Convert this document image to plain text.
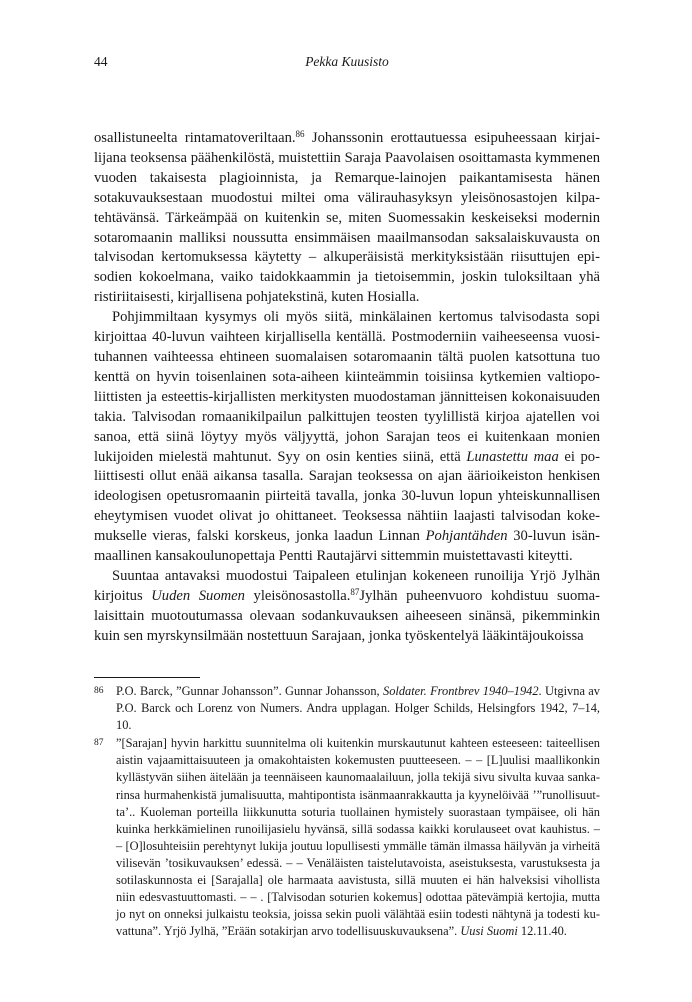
44	Pekka Kuusisto

osallistuneelta rintamatoveriltaan.$^{86}$ Johanssonin erottautuessa esipuheessaan kirjailijana teoksensa päähenkilöstä, muistettiin Saraja Paavolaisen osoittamasta kymmenen vuoden takaisesta plagioinnista, ja Remarque-lainojen paikantamisesta hänen sotakuvauksestaan muodostui miltei oma välirauhasyksyn yleisönosastojen kilpatehtävänsä. Tärkeämpää on kuitenkin se, miten Suomessakin keskeiseksi modernin sotaromaanin malliksi noussutta ensimmäisen maailmansodan saksalaiskuvausta on talvisodan kertomuksessa käytetty – alkuperäisistä merkityksistään riisuttujen episodien kokoelmana, vaiko taidokkaammin ja tietoisemmin, joskin tuloksiltaan yhä ristiriitaisesti, kirjallisena pohjatekstinä, kuten Hosialla.

Pohjimmiltaan kysymys oli myös siitä, minkälainen kertomus talvisodasta sopi kirjoittaa 40-luvun vaihteen kirjallisella kentällä. Postmoderniin vaiheeseensa vuosituhannen vaihteessa ehtineen suomalaisen sotaromaanin tältä puolen katsottuna tuo kenttä on hyvin toisenlainen sota-aiheen kiinteämmin toisiinsa kytkemien valtiopoliittisten ja esteettis-kirjallisten merkitysten muodostaman jännitteisen kokonaisuuden takia. Talvisodan romaanikilpailun palkittujen teosten tyylillistä kirjoa ajatellen voi sanoa, että siinä löytyy myös väljyyttä, johon Sarajan teos ei kuitenkaan monien lukijoiden mielestä mahtunut. Syy on osin kenties siinä, että Lunastettu maa ei poliittisesti ollut enää aikansa tasalla. Sarajan teoksessa on ajan äärioikeiston henkisen ideologisen opetusromaanin piirteitä tavalla, jonka 30-luvun lopun yhteiskunnallisen eheytymisen vuodet olivat jo ohittaneet. Teoksessa nähtiin laajasti talvisodan kokemukselle vieras, falski korskeus, jonka laadun Linnan Pohjantähden 30-luvun isänmaallinen kansakoulunopettaja Pentti Rautajärvi sittemmin muistettavasti kiteytti.

Suuntaa antavaksi muodostui Taipaleen etulinjan kokeneen runoilija Yrjö Jylhän kirjoitus Uuden Suomen yleisönosastolla.$^{87}$Jylhän puheenvuoro kohdistuu suomalaisittain muotoutumassa olevaan sodankuvauksen aiheeseen sinänsä, pikemminkin kuin sen myrskynsilmään nostettuun Sarajaan, jonka työskentelyä lääkintäjoukoissa

86 P.O. Barck, ”Gunnar Johansson”. Gunnar Johansson, Soldater. Frontbrev 1940–1942. Utgivna av P.O. Barck och Lorenz von Numers. Andra upplagan. Holger Schilds, Helsingfors 1942, 7–14, 10.
87 ”[Sarajan] hyvin harkittu suunnitelma oli kuitenkin murskautunut kahteen esteeseen: taiteellisen aistin vajaamittaisuuteen ja omakohtaisten kokemusten puutteeseen. – – [L]uulisi maallikonkin kyllästyvän siihen äitelään ja teennäiseen kaunomaalailuun, jolla tekijä sivu sivulta kuvaa sankarinsa hurmahenkistä jumalisuutta, mahtipontista isänmaanrakkautta ja kyynelöivää ’”runollisuutta’.. Kuoleman porteilla liikkunutta soturia tuollainen hymistely suorastaan tympäisee, oli hän kuinka herkkämielinen runoilijasielu hyvänsä, sillä sodassa kaikki korulauseet ovat kauhistus. – – [O]losuhteisiin perehtynyt lukija joutuu lopullisesti ymmälle tämän ilmassa häilyvän ja virheitä vilisevän ’tosikuvauksen’ edessä. – – Venäläisten taistelutavoista, aseistuksesta, varustuksesta ja sotilaskunnosta ei [Sarajalla] ole harmaata aavistusta, sillä muuten ei hän halveksisi vihollista niin edesvastuuttomasti. – – . [Talvisodan soturien kokemus] odottaa pätevämpiä kertojia, mutta jo nyt on onneksi julkaistu teoksia, joissa sekin puoli välähtää esiin todesti nähtynä ja todesti kuvattuna”. Yrjö Jylhä, ”Erään sotakirjan arvo todellisuuskuvauksena”. Uusi Suomi 12.11.40.
